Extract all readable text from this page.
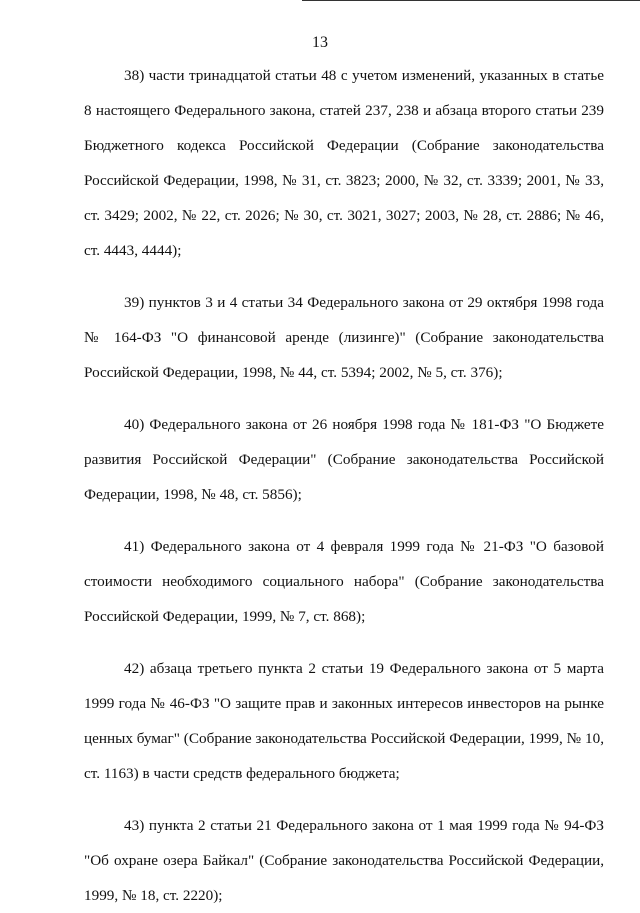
13

38) части тринадцатой статьи 48 с учетом изменений, указанных в статье 8 настоящего Федерального закона, статей 237, 238 и абзаца второго статьи 239 Бюджетного кодекса Российской Федерации (Собрание законодательства Российской Федерации, 1998, № 31, ст. 3823; 2000, № 32, ст. 3339; 2001, № 33, ст. 3429; 2002, № 22, ст. 2026; № 30, ст. 3021, 3027; 2003, № 28, ст. 2886; № 46, ст. 4443, 4444);

39) пунктов 3 и 4 статьи 34 Федерального закона от 29 октября 1998 года № 164-ФЗ "О финансовой аренде (лизинге)" (Собрание законодательства Российской Федерации, 1998, № 44, ст. 5394; 2002, № 5, ст. 376);

40) Федерального закона от 26 ноября 1998 года № 181-ФЗ "О Бюджете развития Российской Федерации" (Собрание законодательства Российской Федерации, 1998, № 48, ст. 5856);

41) Федерального закона от 4 февраля 1999 года № 21-ФЗ "О базовой стоимости необходимого социального набора" (Собрание законодательства Российской Федерации, 1999, № 7, ст. 868);

42) абзаца третьего пункта 2 статьи 19 Федерального закона от 5 марта 1999 года № 46-ФЗ "О защите прав и законных интересов инвесторов на рынке ценных бумаг" (Собрание законодательства Российской Федерации, 1999, № 10, ст. 1163) в части средств федерального бюджета;

43) пункта 2 статьи 21 Федерального закона от 1 мая 1999 года № 94-ФЗ "Об охране озера Байкал" (Собрание законодательства Российской Федерации, 1999, № 18, ст. 2220);
